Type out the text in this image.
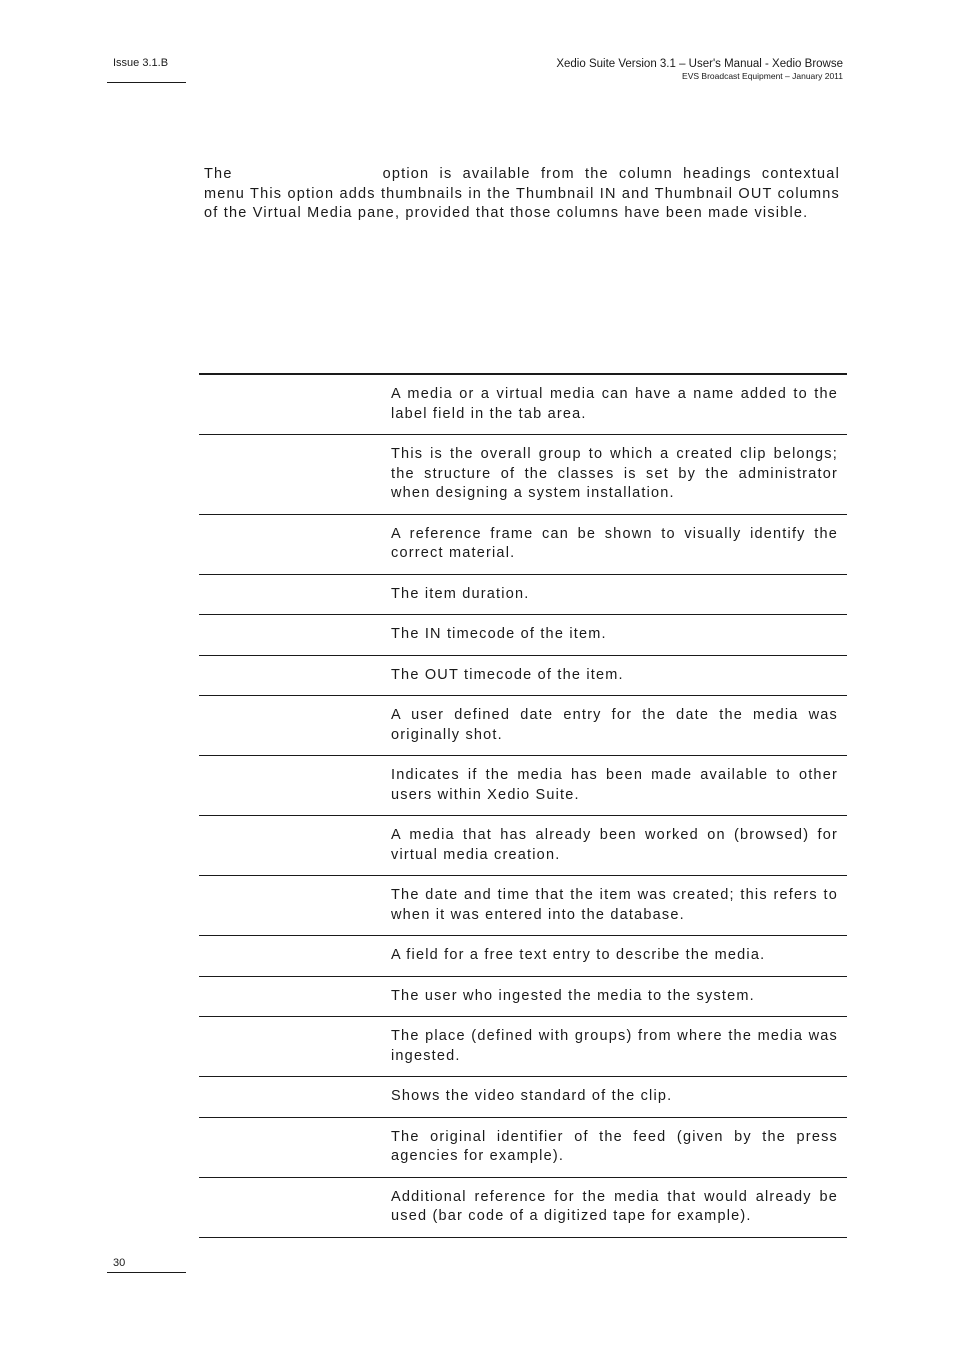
Issue 3.1.B	Xedio Suite Version 3.1 – User's Manual - Xedio Browse
EVS Broadcast Equipment – January 2011

The	option is available from the column headings contextual menu This option adds thumbnails in the Thumbnail IN and Thumbnail OUT columns of the Virtual Media pane, provided that those columns have been made visible.

A media or a virtual media can have a name added to the label field in the tab area.

This is the overall group to which a created clip belongs; the structure of the classes is set by the administrator when designing a system installation.

A reference frame can be shown to visually identify the correct material.

The item duration.

The IN timecode of the item.

The OUT timecode of the item.

A user defined date entry for the date the media was originally shot.

Indicates if the media has been made available to other users within Xedio Suite.

A media that has already been worked on (browsed) for virtual media creation.

The date and time that the item was created; this refers to when it was entered into the database.

A field for a free text entry to describe the media.

The user who ingested the media to the system.

The place (defined with groups) from where the media was ingested.

Shows the video standard of the clip.

The original identifier of the feed (given by the press agencies for example).

Additional reference for the media that would already be used (bar code of a digitized tape for example).

30
